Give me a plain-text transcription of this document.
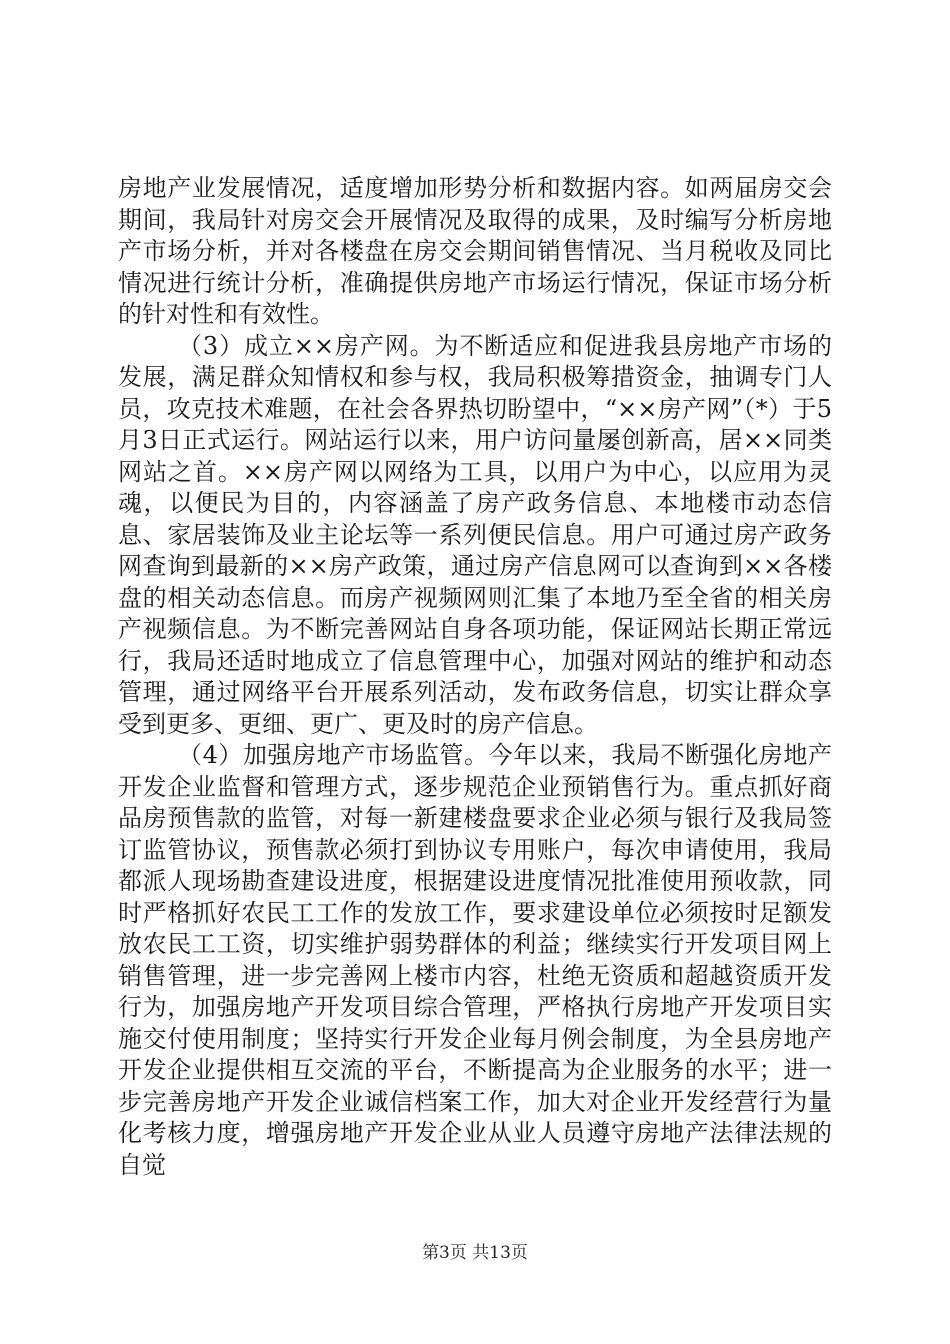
房地产业发展情况，适度增加形势分析和数据内容。如两届房交会期间，我局针对房交会开展情况及取得的成果，及时编写分析房地产市场分析，并对各楼盘在房交会期间销售情况、当月税收及同比情况进行统计分析，准确提供房地产市场运行情况，保证市场分析的针对性和有效性。

（3）成立××房产网。为不断适应和促进我县房地产市场的发展，满足群众知情权和参与权，我局积极筹措资金，抽调专门人员，攻克技术难题，在社会各界热切盼望中，“××房产网”（*）于5月3日正式运行。网站运行以来，用户访问量屡创新高，居××同类网站之首。××房产网以网络为工具，以用户为中心，以应用为灵魂，以便民为目的，内容涵盖了房产政务信息、本地楼市动态信息、家居装饰及业主论坛等一系列便民信息。用户可通过房产政务网查询到最新的××房产政策，通过房产信息网可以查询到××各楼盘的相关动态信息。而房产视频网则汇集了本地乃至全省的相关房产视频信息。为不断完善网站自身各项功能，保证网站长期正常远行，我局还适时地成立了信息管理中心，加强对网站的维护和动态管理，通过网络平台开展系列活动，发布政务信息，切实让群众享受到更多、更细、更广、更及时的房产信息。

（4）加强房地产市场监管。今年以来，我局不断强化房地产开发企业监督和管理方式，逐步规范企业预销售行为。重点抓好商品房预售款的监管，对每一新建楼盘要求企业必须与银行及我局签订监管协议，预售款必须打到协议专用账户，每次申请使用，我局都派人现场勘查建设进度，根据建设进度情况批准使用预收款，同时严格抓好农民工工作的发放工作，要求建设单位必须按时足额发放农民工工资，切实维护弱势群体的利益；继续实行开发项目网上销售管理，进一步完善网上楼市内容，杜绝无资质和超越资质开发行为，加强房地产开发项目综合管理，严格执行房地产开发项目实施交付使用制度；坚持实行开发企业每月例会制度，为全县房地产开发企业提供相互交流的平台，不断提高为企业服务的水平；进一步完善房地产开发企业诚信档案工作，加大对企业开发经营行为量化考核力度，增强房地产开发企业从业人员遵守房地产法律法规的自觉

第3页 共13页
